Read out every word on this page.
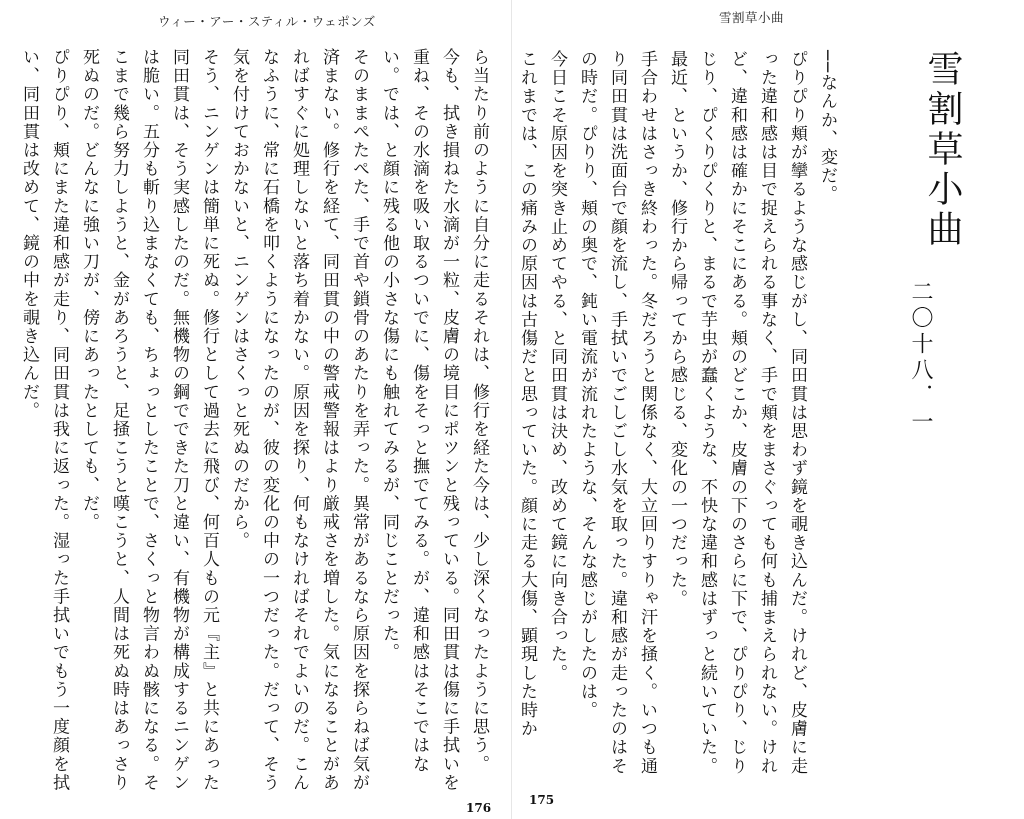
ウィー・アー・スティル・ウェポンズ
ら当たり前のように自分に走るそれは、修行を経た今は、少し深くなったように思う。
今も、拭き損ねた水滴が一粒、皮膚の境目にポツンと残っている。同田貫は傷に手拭いを重ね、その水滴を吸い取るついでに、傷をそっと撫でてみる。が、違和感はそこではない。では、と顔に残る他の小さな傷にも触れてみるが、同じことだった。
そのままぺたぺた、手で首や鎖骨のあたりを弄った。異常があるなら原因を探らねば気が済まない。修行を経て、同田貫の中の警戒警報はより厳戒さを増した。気になることがあればすぐに処理しないと落ち着かない。原因を探り、何もなければそれでよいのだ。こんなふうに、常に石橋を叩くようになったのが、彼の変化の中の一つだった。だって、そう気を付けておかないと、ニンゲンはさくっと死ぬのだから。
そう、ニンゲンは簡単に死ぬ。修行として過去に飛び、何百人もの元『主』と共にあった同田貫は、そう実感したのだ。無機物の鋼でできた刀と違い、有機物が構成するニンゲンは脆い。五分も斬り込まなくても、ちょっとしたことで、さくっと物言わぬ骸になる。そこまで幾ら努力しようと、金があろうと、足掻こうと嘆こうと、人間は死ぬ時はあっさり死ぬのだ。どんなに強い刀が、傍にあったとしても、だ。
ぴりぴり、頬にまた違和感が走り、同田貫は我に返った。湿った手拭いでもう一度顔を拭い、同田貫は改めて、鏡の中を覗き込んだ。
176
雪割草小曲
雪割草小曲
二〇十八．一
──なんか、変だ。
ぴりぴり頬が攣るような感じがし、同田貫は思わず鏡を覗き込んだ。けれど、皮膚に走った違和感は目で捉えられる事なく、手で頬をまさぐっても何も捕まえられない。けれど、違和感は確かにそこにある。頬のどこか、皮膚の下のさらに下で、ぴりぴり、じりじり、ぴくりぴくりと、まるで芋虫が蠢くような、不快な違和感はずっと続いていた。最近、というか、修行から帰ってから感じる、変化の一つだった。
手合わせはさっき終わった。冬だろうと関係なく、大立回りすりゃ汗を掻く。いつも通り同田貫は洗面台で顔を流し、手拭いでごしごし水気を取った。違和感が走ったのはその時だ。ぴりり、頬の奥で、鈍い電流が流れたような、そんな感じがしたのは。
今日こそ原因を突き止めてやる、と同田貫は決め、改めて鏡に向き合った。
これまでは、この痛みの原因は古傷だと思っていた。顔に走る大傷、顕現した時か
175
